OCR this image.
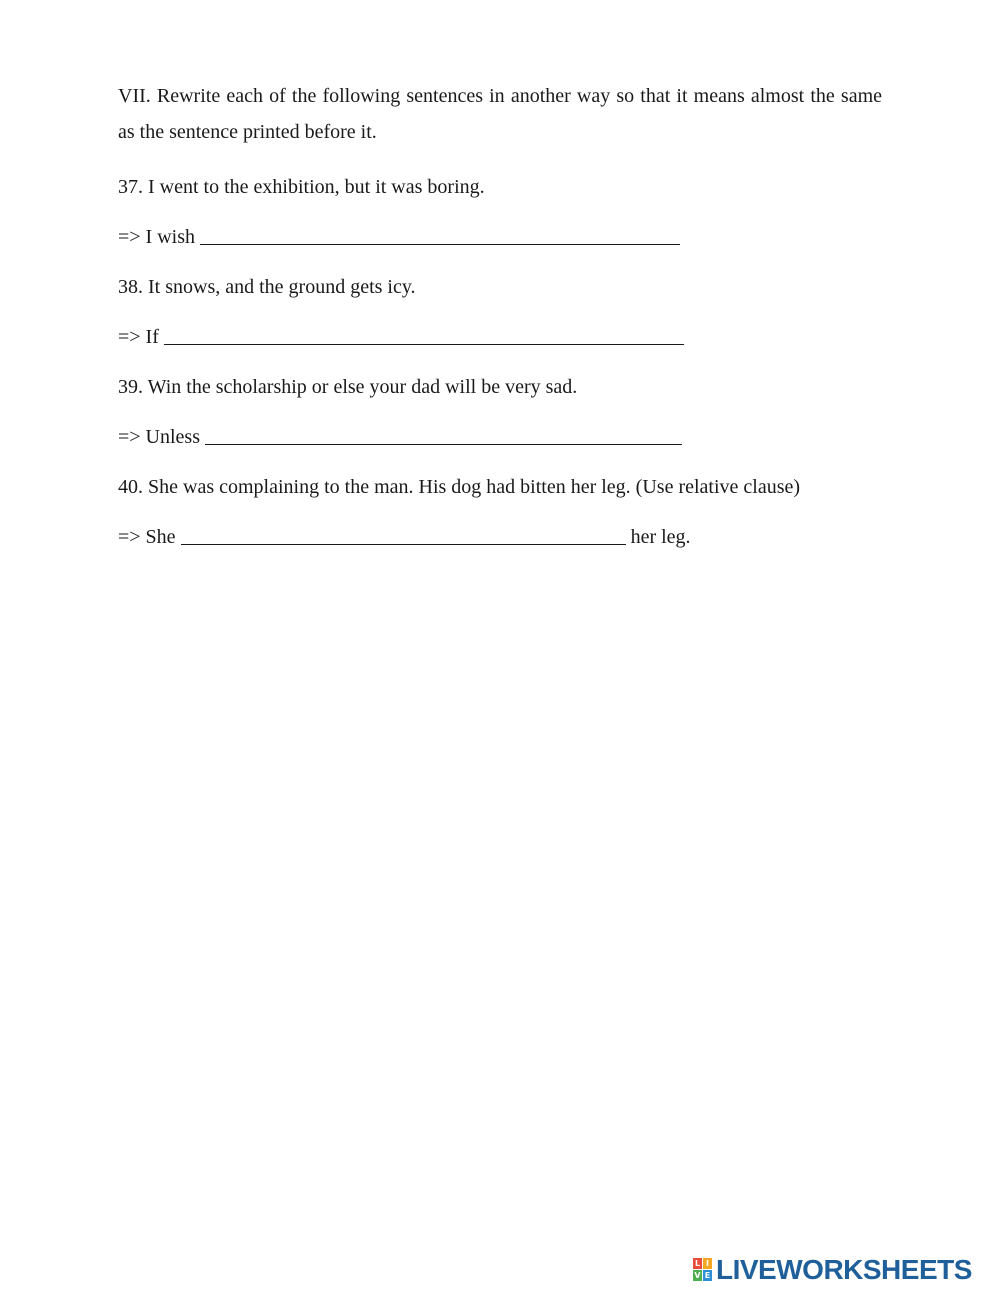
VII. Rewrite each of the following sentences in another way so that it means almost the same as the sentence printed before it.

37. I went to the exhibition, but it was boring.

=> I wish

38. It snows, and the ground gets icy.

=> If

39. Win the scholarship or else your dad will be very sad.

=> Unless

40. She was complaining to the man. His dog had bitten her leg. (Use relative clause)

=> She	her leg.

L I
V E LIVEWORKSHEETS
